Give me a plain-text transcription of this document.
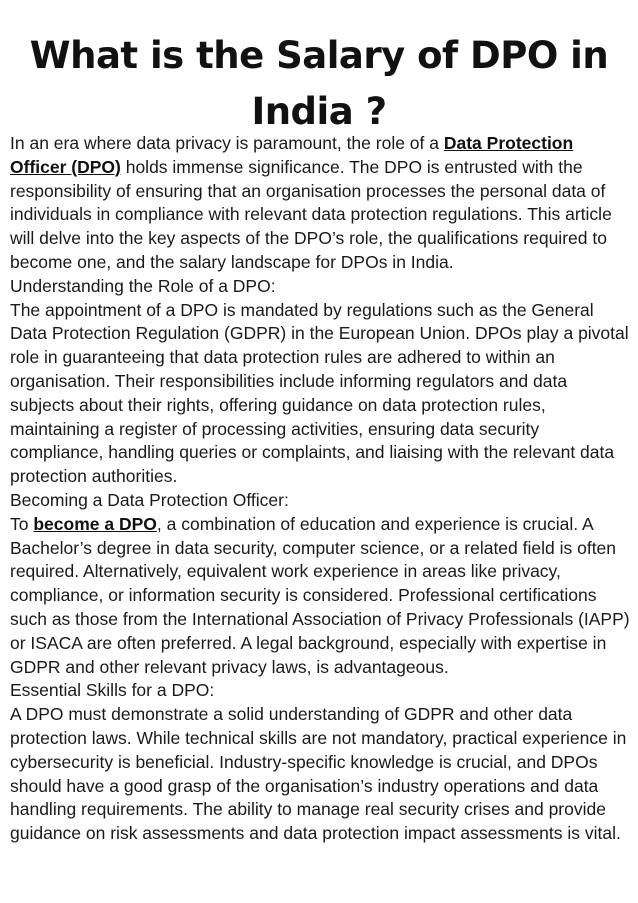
What is the Salary of DPO in
India ?

In an era where data privacy is paramount, the role of a Data Protection Officer (DPO) holds immense significance. The DPO is entrusted with the responsibility of ensuring that an organisation processes the personal data of individuals in compliance with relevant data protection regulations. This article will delve into the key aspects of the DPO’s role, the qualifications required to become one, and the salary landscape for DPOs in India.

Understanding the Role of a DPO:

The appointment of a DPO is mandated by regulations such as the General Data Protection Regulation (GDPR) in the European Union. DPOs play a pivotal role in guaranteeing that data protection rules are adhered to within an organisation. Their responsibilities include informing regulators and data subjects about their rights, offering guidance on data protection rules, maintaining a register of processing activities, ensuring data security compliance, handling queries or complaints, and liaising with the relevant data protection authorities.

Becoming a Data Protection Officer:

To become a DPO, a combination of education and experience is crucial. A Bachelor’s degree in data security, computer science, or a related field is often required. Alternatively, equivalent work experience in areas like privacy, compliance, or information security is considered. Professional certifications such as those from the International Association of Privacy Professionals (IAPP) or ISACA are often preferred. A legal background, especially with expertise in GDPR and other relevant privacy laws, is advantageous.

Essential Skills for a DPO:

A DPO must demonstrate a solid understanding of GDPR and other data protection laws. While technical skills are not mandatory, practical experience in cybersecurity is beneficial. Industry-specific knowledge is crucial, and DPOs should have a good grasp of the organisation’s industry operations and data handling requirements. The ability to manage real security crises and provide guidance on risk assessments and data protection impact assessments is vital.
